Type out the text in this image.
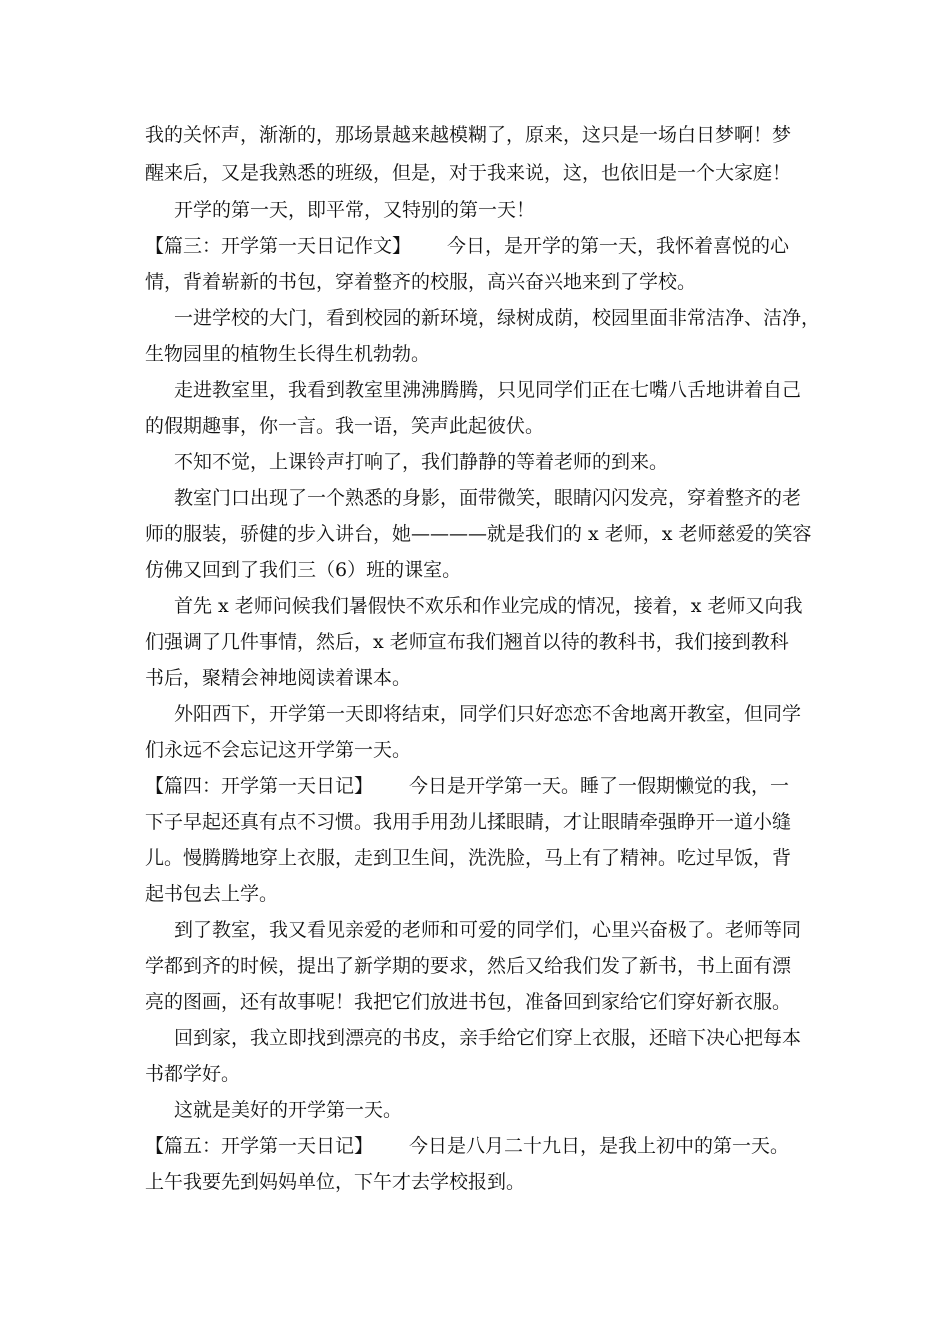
我的关怀声，渐渐的，那场景越来越模糊了，原来，这只是一场白日梦啊！梦
醒来后，又是我熟悉的班级，但是，对于我来说，这，也依旧是一个大家庭！
开学的第一天，即平常，又特别的第一天！
【篇三：开学第一天日记作文】 今日，是开学的第一天，我怀着喜悦的心
情，背着崭新的书包，穿着整齐的校服，高兴奋兴地来到了学校。
一进学校的大门，看到校园的新环境，绿树成荫，校园里面非常洁净、洁净，
生物园里的植物生长得生机勃勃。
走进教室里，我看到教室里沸沸腾腾，只见同学们正在七嘴八舌地讲着自己
的假期趣事，你一言。我一语，笑声此起彼伏。
不知不觉，上课铃声打响了，我们静静的等着老师的到来。
教室门口出现了一个熟悉的身影，面带微笑，眼睛闪闪发亮，穿着整齐的老
师的服装，骄健的步入讲台，她————就是我们的 x 老师，x 老师慈爱的笑容
仿佛又回到了我们三（6）班的课室。
首先 x 老师问候我们暑假快不欢乐和作业完成的情况，接着，x 老师又向我
们强调了几件事情，然后，x 老师宣布我们翘首以待的教科书，我们接到教科
书后，聚精会神地阅读着课本。
外阳西下，开学第一天即将结束，同学们只好恋恋不舍地离开教室，但同学
们永远不会忘记这开学第一天。
【篇四：开学第一天日记】 今日是开学第一天。睡了一假期懒觉的我，一
下子早起还真有点不习惯。我用手用劲儿揉眼睛，才让眼睛牵强睁开一道小缝
儿。慢腾腾地穿上衣服，走到卫生间，洗洗脸，马上有了精神。吃过早饭，背
起书包去上学。
到了教室，我又看见亲爱的老师和可爱的同学们，心里兴奋极了。老师等同
学都到齐的时候，提出了新学期的要求，然后又给我们发了新书，书上面有漂
亮的图画，还有故事呢！我把它们放进书包，准备回到家给它们穿好新衣服。
回到家，我立即找到漂亮的书皮，亲手给它们穿上衣服，还暗下决心把每本
书都学好。
这就是美好的开学第一天。
【篇五：开学第一天日记】 今日是八月二十九日，是我上初中的第一天。
上午我要先到妈妈单位，下午才去学校报到。
